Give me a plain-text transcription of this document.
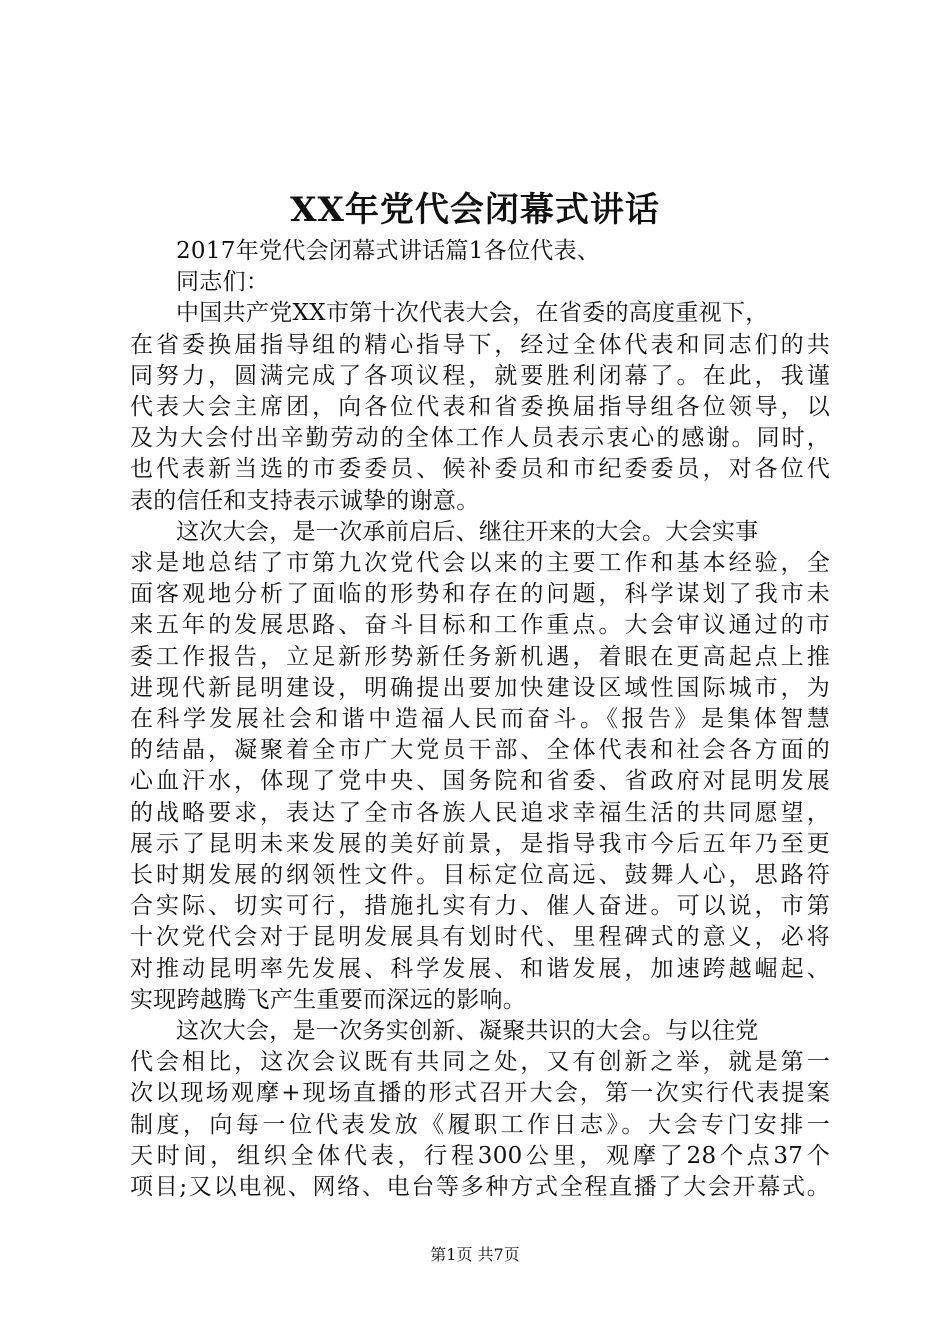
XX年党代会闭幕式讲话
2017年党代会闭幕式讲话篇1各位代表、
同志们：
中国共产党XX市第十次代表大会，在省委的高度重视下，
在省委换届指导组的精心指导下，经过全体代表和同志们的共
同努力，圆满完成了各项议程，就要胜利闭幕了。在此，我谨
代表大会主席团，向各位代表和省委换届指导组各位领导，以
及为大会付出辛勤劳动的全体工作人员表示衷心的感谢。同时，
也代表新当选的市委委员、候补委员和市纪委委员，对各位代
表的信任和支持表示诚挚的谢意。
这次大会，是一次承前启后、继往开来的大会。大会实事
求是地总结了市第九次党代会以来的主要工作和基本经验，全
面客观地分析了面临的形势和存在的问题，科学谋划了我市未
来五年的发展思路、奋斗目标和工作重点。大会审议通过的市
委工作报告，立足新形势新任务新机遇，着眼在更高起点上推
进现代新昆明建设，明确提出要加快建设区域性国际城市，为
在科学发展社会和谐中造福人民而奋斗。《报告》是集体智慧
的结晶，凝聚着全市广大党员干部、全体代表和社会各方面的
心血汗水，体现了党中央、国务院和省委、省政府对昆明发展
的战略要求，表达了全市各族人民追求幸福生活的共同愿望，
展示了昆明未来发展的美好前景，是指导我市今后五年乃至更
长时期发展的纲领性文件。目标定位高远、鼓舞人心，思路符
合实际、切实可行，措施扎实有力、催人奋进。可以说，市第
十次党代会对于昆明发展具有划时代、里程碑式的意义，必将
对推动昆明率先发展、科学发展、和谐发展，加速跨越崛起、
实现跨越腾飞产生重要而深远的影响。
这次大会，是一次务实创新、凝聚共识的大会。与以往党
代会相比，这次会议既有共同之处，又有创新之举，就是第一
次以现场观摩+现场直播的形式召开大会，第一次实行代表提案
制度，向每一位代表发放《履职工作日志》。大会专门安排一
天时间，组织全体代表，行程300公里，观摩了28个点37个
项目;又以电视、网络、电台等多种方式全程直播了大会开幕式。
第1页 共7页
